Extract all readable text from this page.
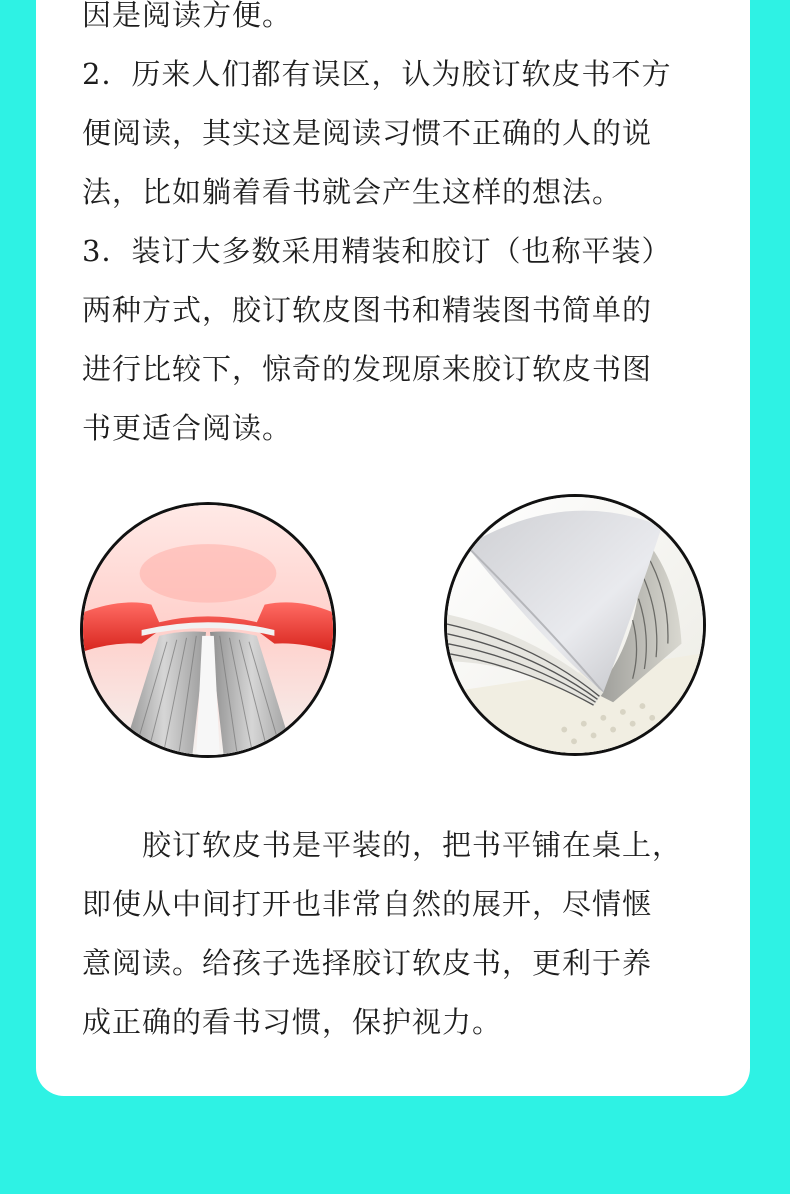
因是阅读方便。
2．历来人们都有误区，认为胶订软皮书不方
便阅读，其实这是阅读习惯不正确的人的说
法，比如躺着看书就会产生这样的想法。
3．装订大多数采用精装和胶订（也称平装）
两种方式，胶订软皮图书和精装图书简单的
进行比较下，惊奇的发现原来胶订软皮书图
书更适合阅读。
胶订软皮书是平装的，把书平铺在桌上，
即使从中间打开也非常自然的展开，尽情惬
意阅读。给孩子选择胶订软皮书，更利于养
成正确的看书习惯，保护视力。
